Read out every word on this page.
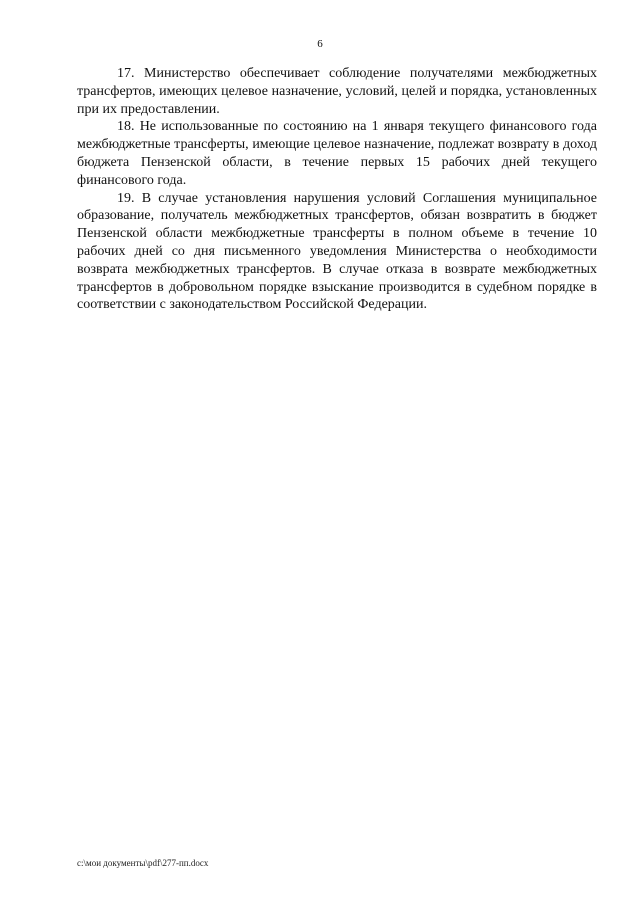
6

17. Министерство обеспечивает соблюдение получателями межбюджетных трансфертов, имеющих целевое назначение, условий, целей и порядка, установленных при их предоставлении.

18. Не использованные по состоянию на 1 января текущего финансового года межбюджетные трансферты, имеющие целевое назначение, подлежат возврату в доход бюджета Пензенской области, в течение первых 15 рабочих дней текущего финансового года.

19. В случае установления нарушения условий Соглашения муниципальное образование, получатель межбюджетных трансфертов, обязан возвратить в бюджет Пензенской области межбюджетные трансферты в полном объеме в течение 10 рабочих дней со дня письменного уведомления Министерства о необходимости возврата межбюджетных трансфертов. В случае отказа в возврате межбюджетных трансфертов в добровольном порядке взыскание производится в судебном порядке в соответствии с законодательством Российской Федерации.

c:\мои документы\pdf\277-пп.docx
